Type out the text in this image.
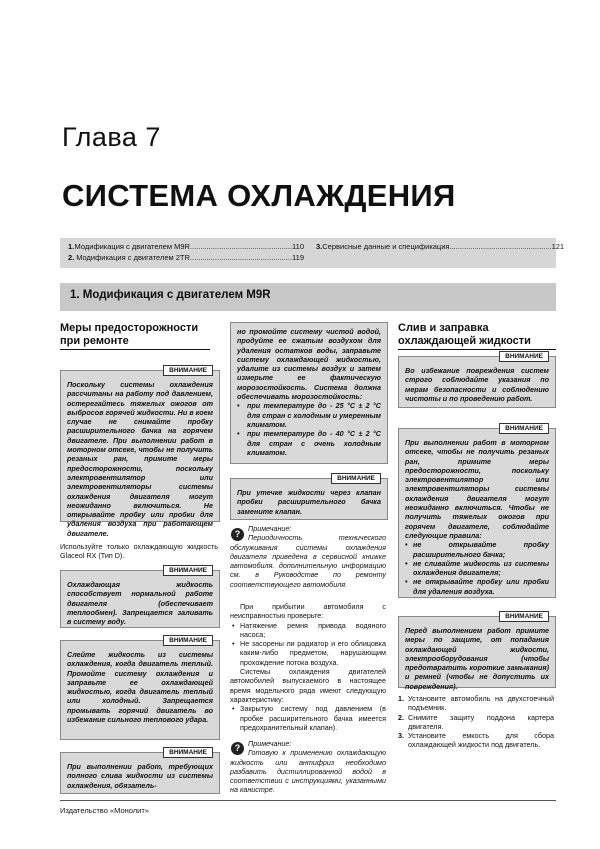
Глава 7
СИСТЕМА ОХЛАЖДЕНИЯ
1. Модификация с двигателем M9R ................................................. 110
2. Модификация с двигателем 2TR ................................................. 119
3. Сервисные данные и спецификация ................................................. 121
1. Модификация с двигателем M9R
Меры предосторожности при ремонте
ВНИМАНИЕ
Поскольку системы охлаждения рассчитаны на работу под давлением, остерегайтесь тяжелых ожогов от выбросов горячей жидкости. Ни в коем случае не снимайте пробку расширительного бачка на горячем двигателе. При выполнении работ в моторном отсеке, чтобы не получить резаных ран, примите меры предосторожности, поскольку электровентилятор или электровентиляторы системы охлаждения двигателя могут неожиданно включиться. Не открывайте пробку или пробки для удаления воздуха при работающем двигателе.
Используйте только охлаждающую жидкость Glaceol RX (Тип D).
ВНИМАНИЕ
Охлаждающая жидкость способствует нормальной работе двигателя (обеспечивает теплообмен). Запрещается заливать в систему воду.
ВНИМАНИЕ
Слейте жидкость из системы охлаждения, когда двигатель теплый. Промойте систему охлаждения и заправьте ее охлаждающей жидкостью, когда двигатель теплый или холодный. Запрещается промывать горячий двигатель во избежание сильного теплового удара.
ВНИМАНИЕ
При выполнении работ, требующих полного слива жидкости из системы охлаждения, обязатель-
но промойте систему чистой водой, продуйте ее сжатым воздухом для удаления остатков воды, заправьте систему охлаждающей жидкостью, удалите из системы воздух и затем измерьте ее фактическую морозостойкость. Система должна обеспечивать морозостойкость:
• при температуре до - 25 °C ± 2 °C для стран с холодным и умеренным климатом.
• при температуре до - 40 °C ± 2 °C для стран с очень холодным климатом.
ВНИМАНИЕ
При утечке жидкости через клапан пробки расширительного бачка замените клапан.
?
Примечание:
Периодичность технического обслуживания системы охлаждения двигателя приведена в сервисной книжке автомобиля. дополнительную информацию см. в Руководстве по ремонту соответствующего автомобиля.
При прибытии автомобиля с неисправностью проверьте:
• Натяжение ремня привода водяного насоса;
• Не засорены ли радиатор и его облицовка каким-либо предметом, нарушающим прохождение потока воздуха.
Системы охлаждения двигателей автомобилей выпускаемого в настоящее время модельного ряда имеют следующую характеристику:
• Закрытую систему под давлением (в пробке расширительного бачка имеется предохранительный клапан).
?	Примечание:
Готовую к применению охлаждающую жидкость или антифриз необходимо разбавить дистиллированной водой в соответствии с инструкциями, указанными на канистре.
Слив и заправка охлаждающей жидкости
ВНИМАНИЕ
Во избежание повреждения систем строго соблюдайте указания по мерам безопасности и соблюдению чистоты и по проведению работ.
ВНИМАНИЕ
При выполнении работ в моторном отсеке, чтобы не получить резаных ран, примите меры предосторожности, поскольку электровентилятор или электровентиляторы системы охлаждения двигателя могут неожиданно включиться. Чтобы не получить тяжелых ожогов при горячем двигателе, соблюдайте следующие правила:
• не открывайте пробку расширительного бачка;
• не сливайте жидкость из системы охлаждения двигателя;
• не открывайте пробку или пробки для удаления воздуха.
ВНИМАНИЕ
Перед выполнением работ примите меры по защите, от попадания охлаждающей жидкости, электрооборудования (чтобы предотвратить короткие замыкания) и ремней (чтобы не допустить их повреждения).
1. Установите автомобиль на двухстоечный подъемник.
2. Снимите защиту поддона картера двигателя.
3. Установите емкость для сбора охлаждающей жидкости под двигатель.
Издательство «Монолит»
